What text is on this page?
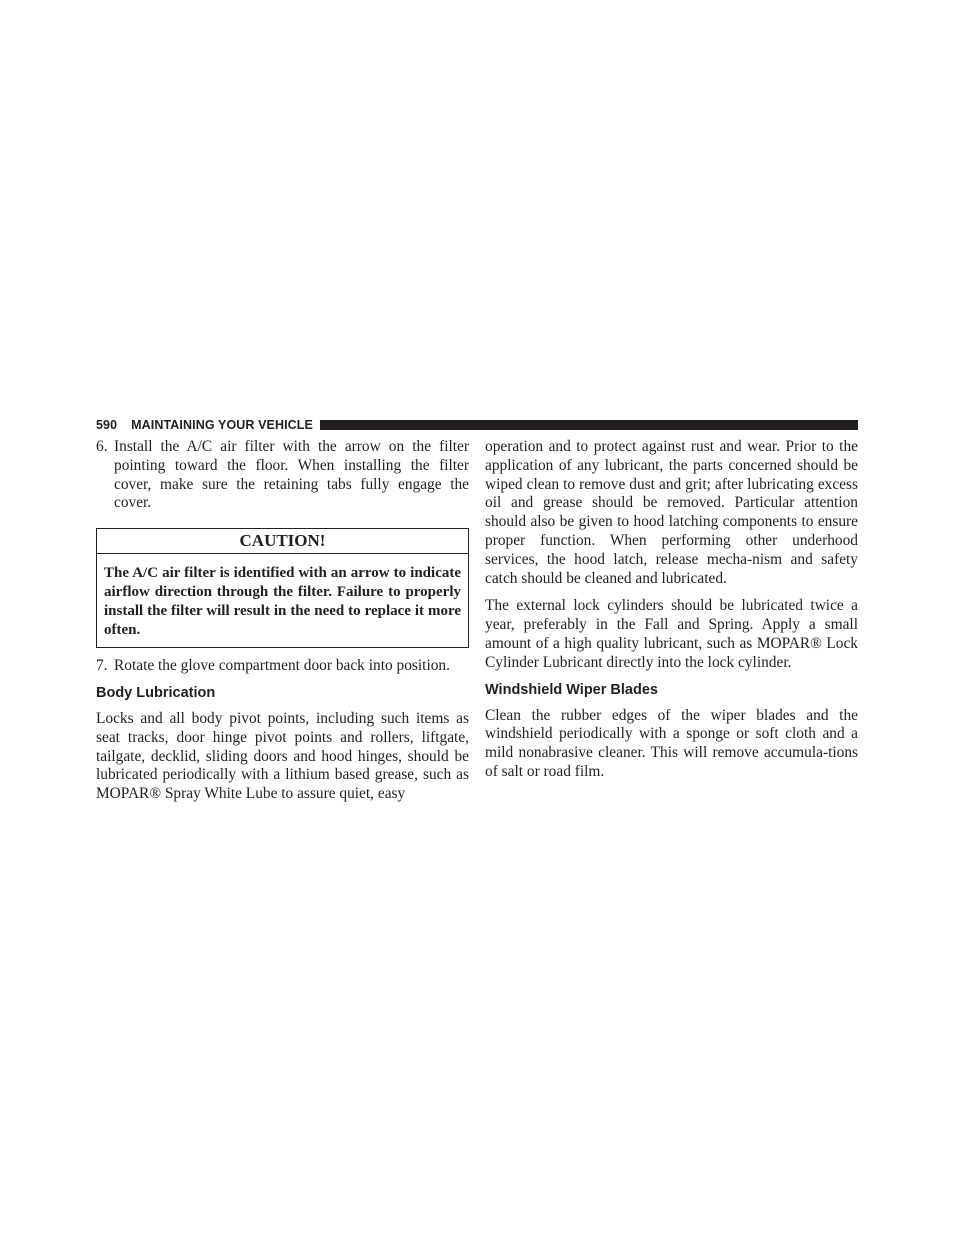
590 MAINTAINING YOUR VEHICLE
6. Install the A/C air filter with the arrow on the filter pointing toward the floor. When installing the filter cover, make sure the retaining tabs fully engage the cover.
CAUTION!
The A/C air filter is identified with an arrow to indicate airflow direction through the filter. Failure to properly install the filter will result in the need to replace it more often.
7. Rotate the glove compartment door back into position.
Body Lubrication

Locks and all body pivot points, including such items as seat tracks, door hinge pivot points and rollers, liftgate, tailgate, decklid, sliding doors and hood hinges, should be lubricated periodically with a lithium based grease, such as MOPAR® Spray White Lube to assure quiet, easy

operation and to protect against rust and wear. Prior to the application of any lubricant, the parts concerned should be wiped clean to remove dust and grit; after lubricating excess oil and grease should be removed. Particular attention should also be given to hood latching components to ensure proper function. When performing other underhood services, the hood latch, release mecha-nism and safety catch should be cleaned and lubricated.

The external lock cylinders should be lubricated twice a year, preferably in the Fall and Spring. Apply a small amount of a high quality lubricant, such as MOPAR® Lock Cylinder Lubricant directly into the lock cylinder.

Windshield Wiper Blades

Clean the rubber edges of the wiper blades and the windshield periodically with a sponge or soft cloth and a mild nonabrasive cleaner. This will remove accumula-tions of salt or road film.
